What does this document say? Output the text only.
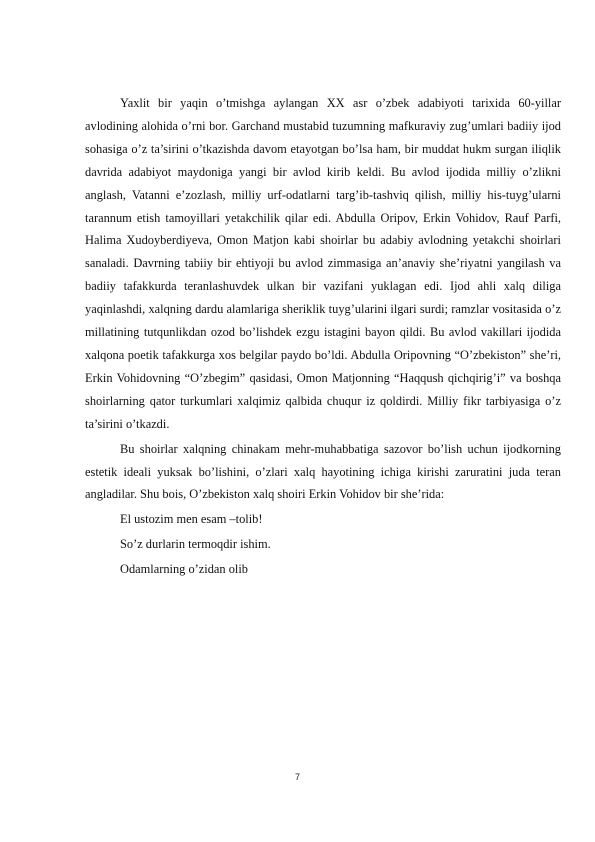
Yaxlit bir yaqin o’tmishga aylangan XX asr o’zbek adabiyoti tarixida 60-yillar avlodining alohida o’rni bor. Garchand mustabid tuzumning mafkuraviy zug’umlari badiiy ijod sohasiga o’z ta’sirini o’tkazishda davom etayotgan bo’lsa ham, bir muddat hukm surgan iliqlik davrida adabiyot maydoniga yangi bir avlod kirib keldi. Bu avlod ijodida milliy o’zlikni anglash, Vatanni e’zozlash, milliy urf-odatlarni targ’ib-tashviq qilish, milliy his-tuyg’ularni tarannum etish tamoyillari yetakchilik qilar edi. Abdulla Oripov, Erkin Vohidov, Rauf Parfi, Halima Xudoyberdiyeva, Omon Matjon kabi shoirlar bu adabiy avlodning yetakchi shoirlari sanaladi. Davrning tabiiy bir ehtiyoji bu avlod zimmasiga an’anaviy she’riyatni yangilash va badiiy tafakkurda teranlashuvdek ulkan bir vazifani yuklagan edi. Ijod ahli xalq diliga yaqinlashdi, xalqning dardu alamlariga sheriklik tuyg’ularini ilgari surdi; ramzlar vositasida o’z millatining tutqunlikdan ozod bo’lishdek ezgu istagini bayon qildi. Bu avlod vakillari ijodida xalqona poetik tafakkurga xos belgilar paydo bo’ldi. Abdulla Oripovning “O’zbekiston” she’ri, Erkin Vohidovning “O’zbegim” qasidasi, Omon Matjonning “Haqqush qichqirig’i” va boshqa shoirlarning qator turkumlari xalqimiz qalbida chuqur iz qoldirdi. Milliy fikr tarbiyasiga o’z ta’sirini o’tkazdi.

Bu shoirlar xalqning chinakam mehr-muhabbatiga sazovor bo’lish uchun ijodkorning estetik ideali yuksak bo’lishini, o’zlari xalq hayotining ichiga kirishi zaruratini juda teran angladilar. Shu bois, O’zbekiston xalq shoiri Erkin Vohidov bir she’rida:

El ustozim men esam –tolib!

So’z durlarin termoqdir ishim.

Odamlarning o’zidan olib

7
